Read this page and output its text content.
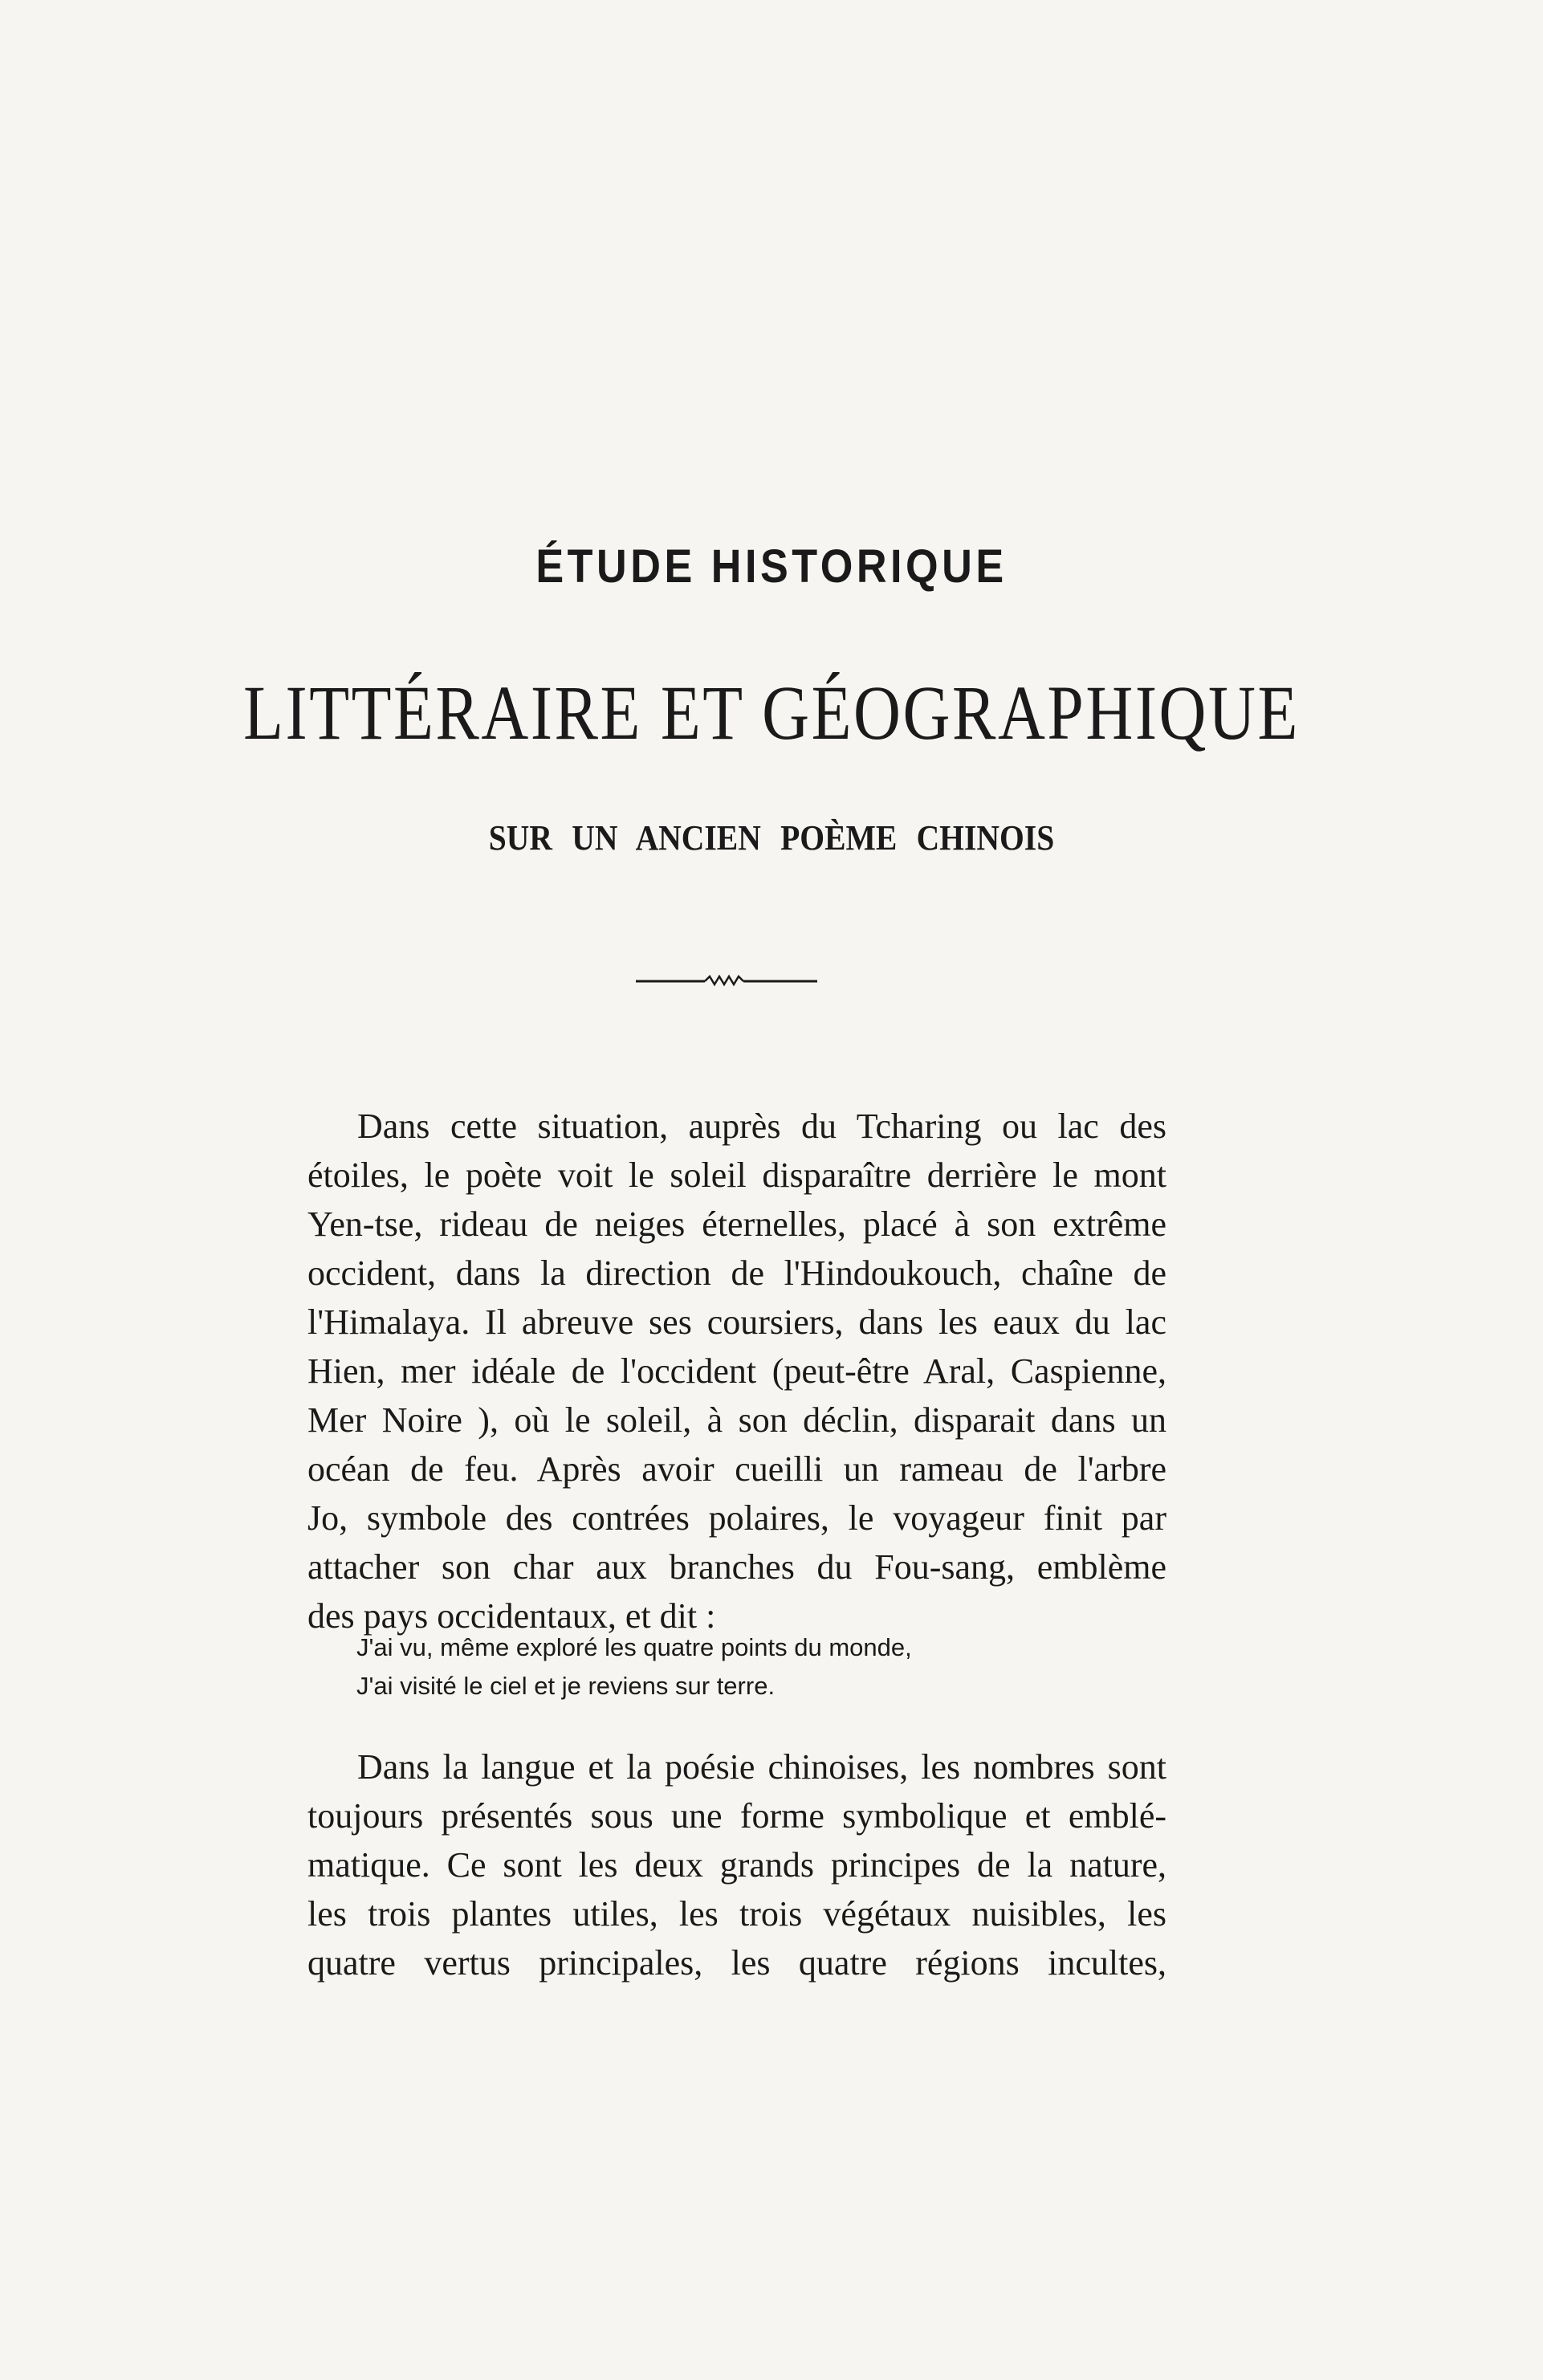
ÉTUDE HISTORIQUE
LITTÉRAIRE ET GÉOGRAPHIQUE
SUR UN ANCIEN POÈME CHINOIS
Dans cette situation, auprès du Tcharing ou lac des
étoiles, le poète voit le soleil disparaître derrière le mont
Yen-tse, rideau de neiges éternelles, placé à son extrême
occident, dans la direction de l'Hindoukouch, chaîne de
l'Himalaya. Il abreuve ses coursiers, dans les eaux du lac
Hien, mer idéale de l'occident (peut-être Aral, Caspienne,
Mer Noire ), où le soleil, à son déclin, disparait dans un
océan de feu. Après avoir cueilli un rameau de l'arbre
Jo, symbole des contrées polaires, le voyageur finit par
attacher son char aux branches du Fou-sang, emblème
des pays occidentaux, et dit :
J'ai vu, même exploré les quatre points du monde,
J'ai visité le ciel et je reviens sur terre.
Dans la langue et la poésie chinoises, les nombres sont
toujours présentés sous une forme symbolique et emblé-
matique. Ce sont les deux grands principes de la nature,
les trois plantes utiles, les trois végétaux nuisibles, les
quatre vertus principales, les quatre régions incultes,
